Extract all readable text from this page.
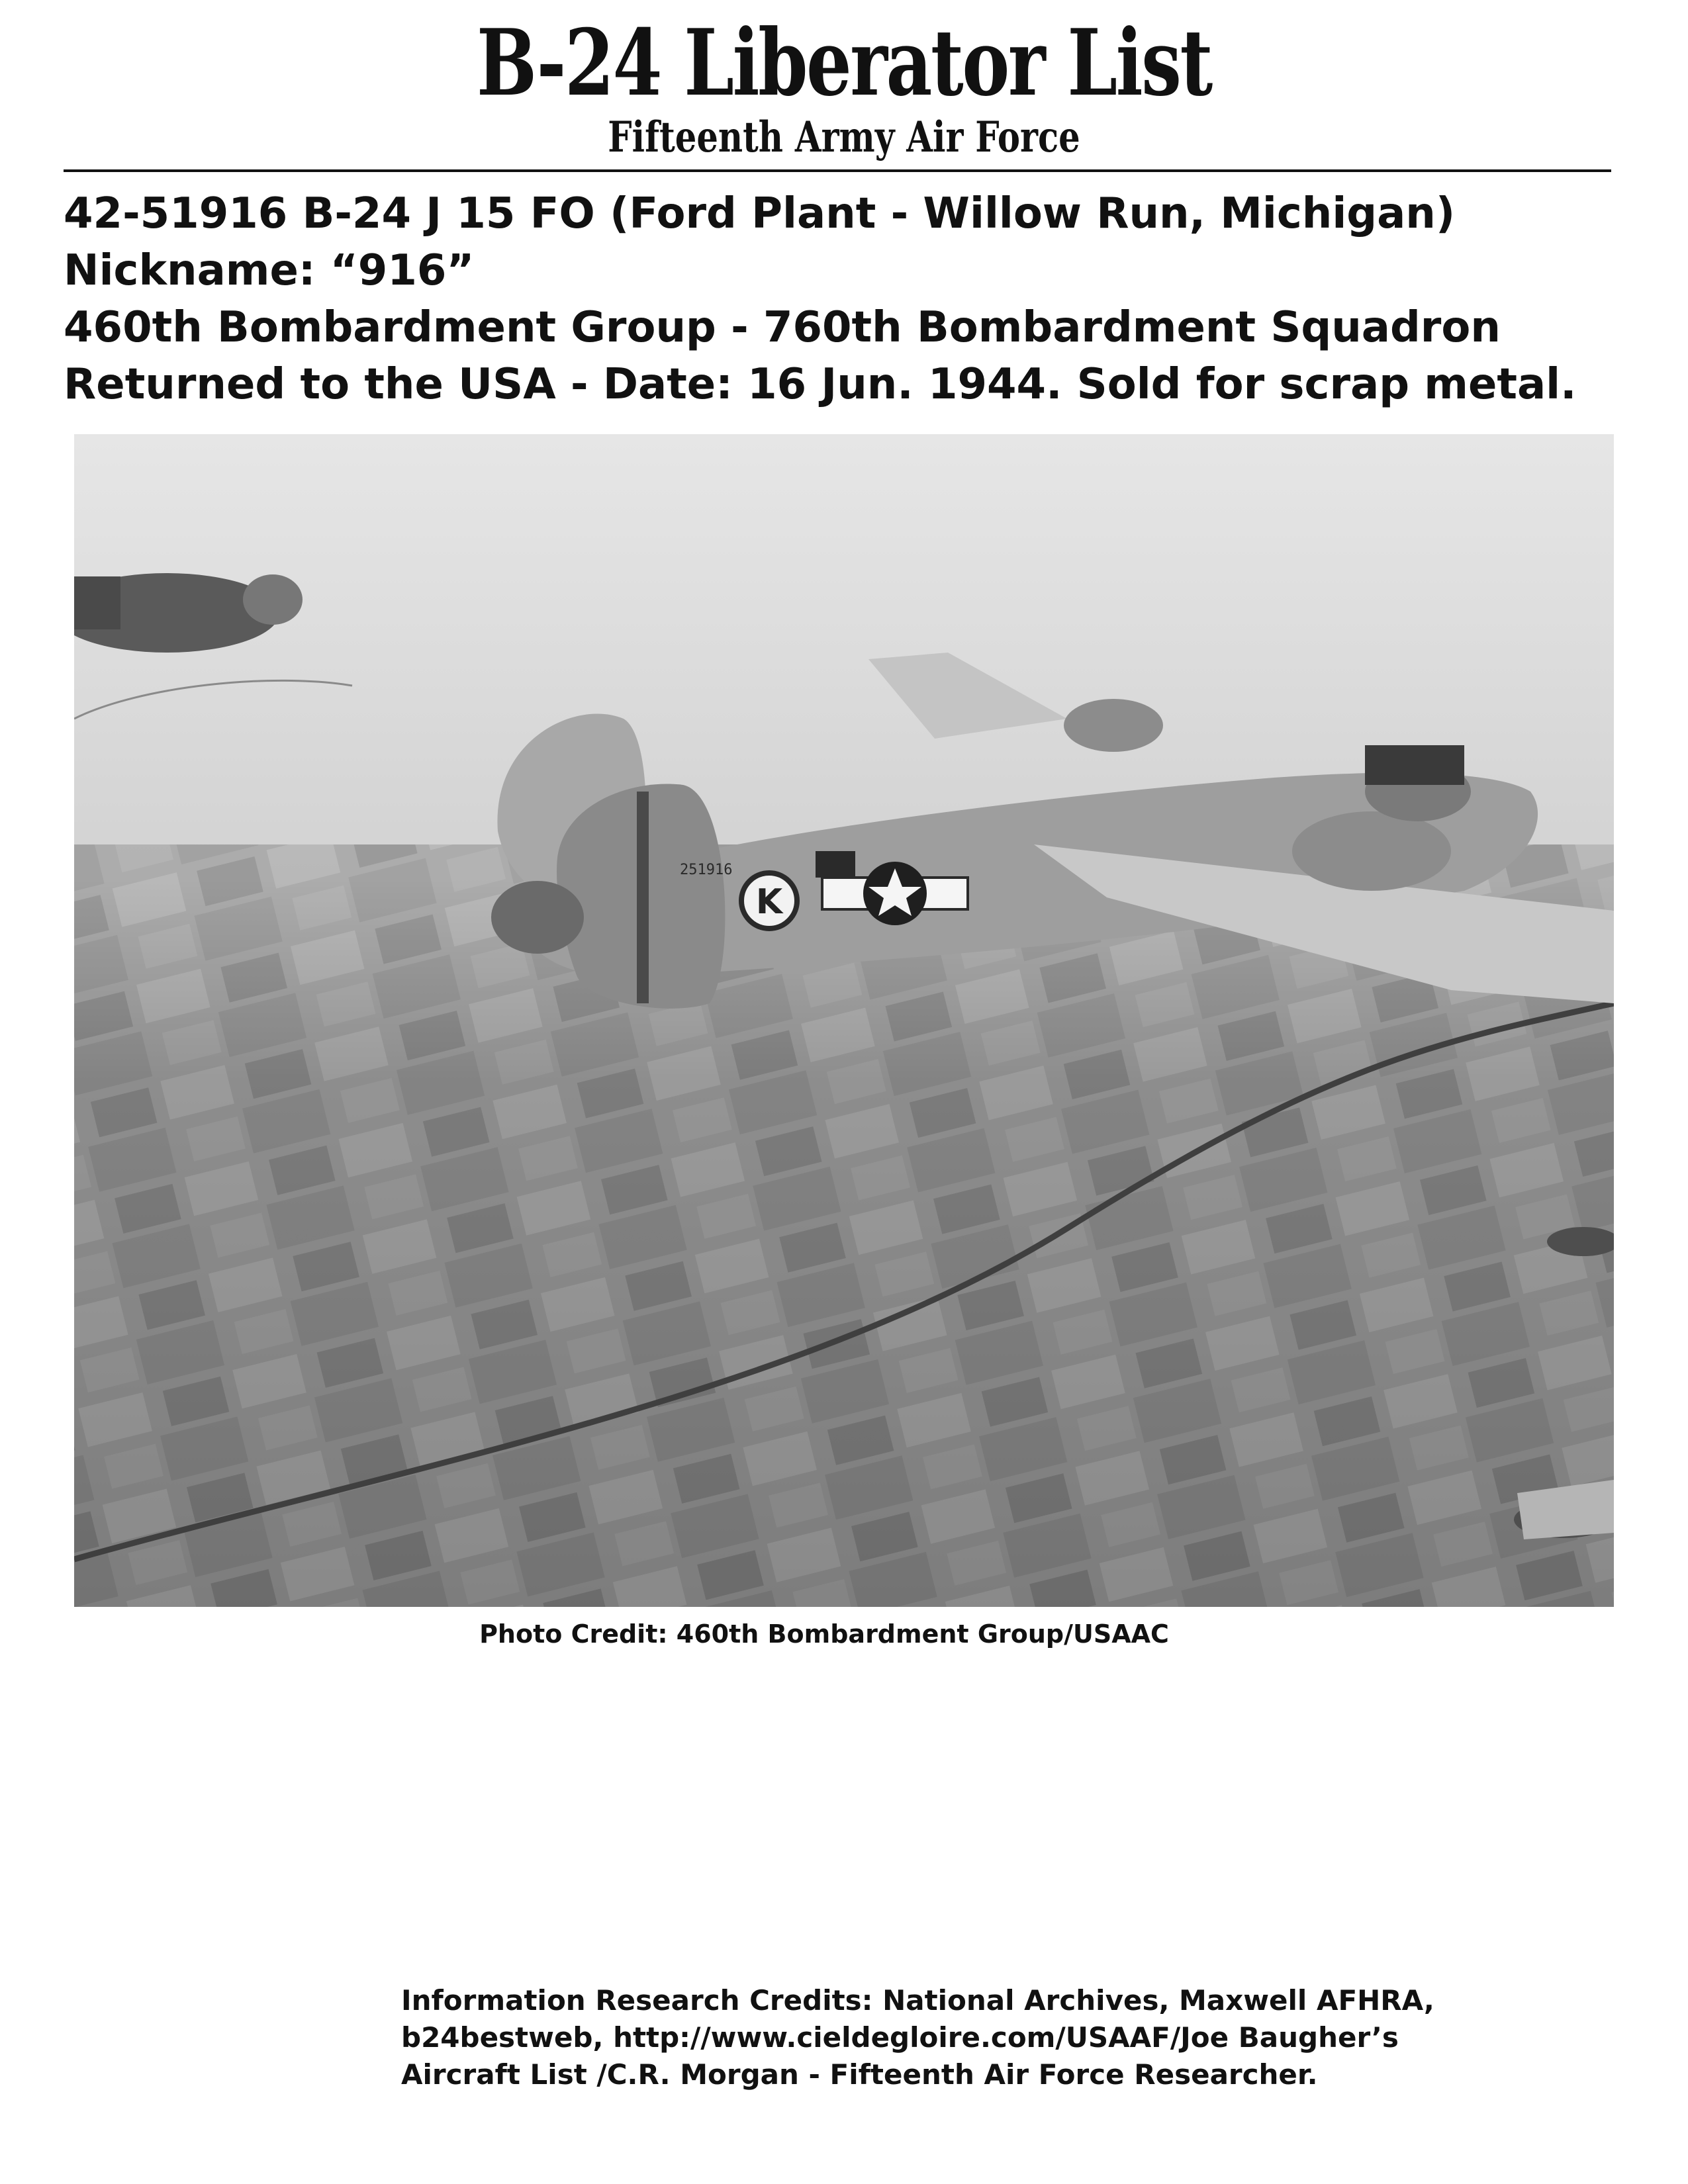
B-24 Liberator List
Fifteenth Army Air Force
42-51916 B-24 J 15 FO (Ford Plant - Willow Run, Michigan)
Nickname: “916”
460th Bombardment Group - 760th Bombardment Squadron
Returned to the USA - Date: 16 Jun. 1944. Sold for scrap metal.
K
251916
Photo Credit: 460th Bombardment Group/USAAC
Information Research Credits: National Archives, Maxwell AFHRA,
b24bestweb, http://www.cieldegloire.com/USAAF/Joe Baugher’s
Aircraft List /C.R. Morgan - Fifteenth Air Force Researcher.
